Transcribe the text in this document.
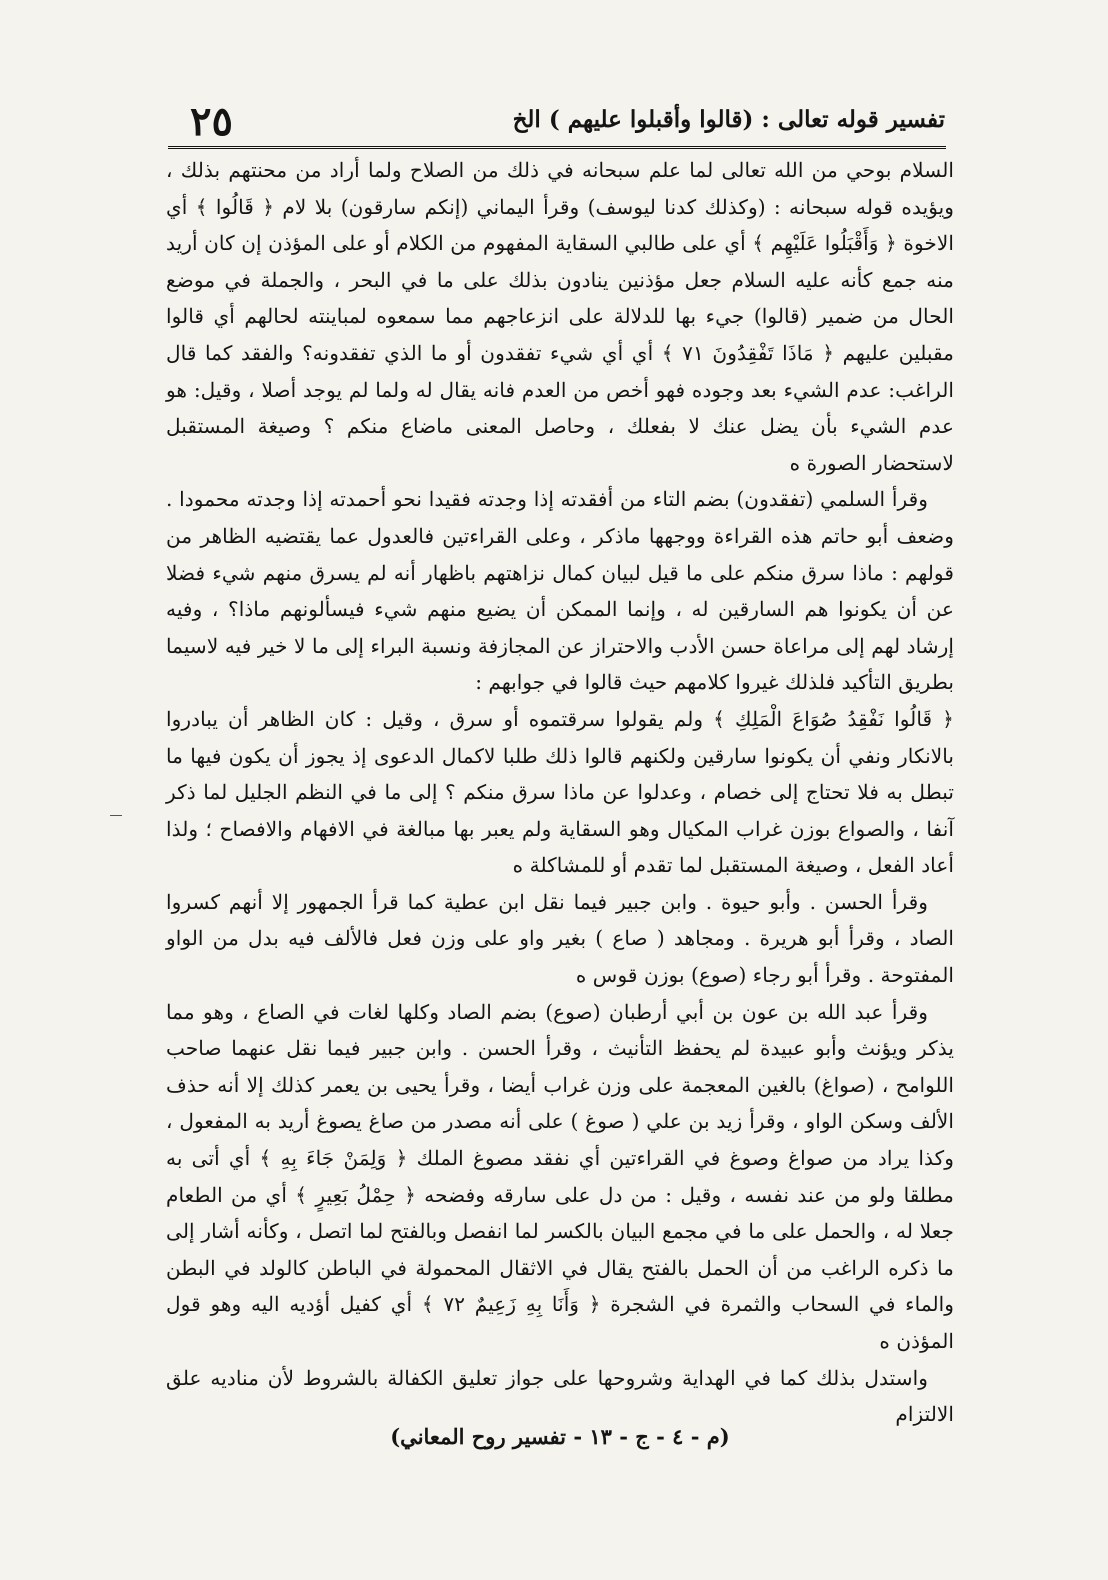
٢٥	تفسير قوله تعالى : (قالوا وأقبلوا عليهم ) الخ

السلام بوحي من الله تعالى لما علم سبحانه في ذلك من الصلاح ولما أراد من محنتهم بذلك ، ويؤيده قوله سبحانه : (وكذلك كدنا ليوسف) وقرأ اليماني (إنكم سارقون) بلا لام ﴿ قَالُوا ﴾ أي الاخوة ﴿ وَأَقْبَلُوا عَلَيْهِم ﴾ أي على طالبي السقاية المفهوم من الكلام أو على المؤذن إن كان أريد منه جمع كأنه عليه السلام جعل مؤذنين ينادون بذلك على ما في البحر ، والجملة في موضع الحال من ضمير (قالوا) جيء بها للدلالة على انزعاجهم مما سمعوه لمباينته لحالهم أي قالوا مقبلين عليهم ﴿ مَاذَا تَفْقِدُونَ ٧١ ﴾ أي أي شيء تفقدون أو ما الذي تفقدونه؟ والفقد كما قال الراغب: عدم الشيء بعد وجوده فهو أخص من العدم فانه يقال له ولما لم يوجد أصلا ، وقيل: هو عدم الشيء بأن يضل عنك لا بفعلك ، وحاصل المعنى ماضاع منكم ؟ وصيغة المستقبل لاستحضار الصورة ه

وقرأ السلمي (تفقدون) بضم التاء من أفقدته إذا وجدته فقيدا نحو أحمدته إذا وجدته محمودا . وضعف أبو حاتم هذه القراءة ووجهها ماذكر ، وعلى القراءتين فالعدول عما يقتضيه الظاهر من قولهم : ماذا سرق منكم على ما قيل لبيان كمال نزاهتهم باظهار أنه لم يسرق منهم شيء فضلا عن أن يكونوا هم السارقين له ، وإنما الممكن أن يضيع منهم شيء فيسألونهم ماذا؟ ، وفيه إرشاد لهم إلى مراعاة حسن الأدب والاحتراز عن المجازفة ونسبة البراء إلى ما لا خير فيه لاسيما بطريق التأكيد فلذلك غيروا كلامهم حيث قالوا في جوابهم :

﴿ قَالُوا نَفْقِدُ صُوَاعَ الْمَلِكِ ﴾ ولم يقولوا سرقتموه أو سرق ، وقيل : كان الظاهر أن يبادروا بالانكار ونفي أن يكونوا سارقين ولكنهم قالوا ذلك طلبا لاكمال الدعوى إذ يجوز أن يكون فيها ما تبطل به فلا تحتاج إلى خصام ، وعدلوا عن ماذا سرق منكم ؟ إلى ما في النظم الجليل لما ذكر آنفا ، والصواع بوزن غراب المكيال وهو السقاية ولم يعبر بها مبالغة في الافهام والافصاح ؛ ولذا أعاد الفعل ، وصيغة المستقبل لما تقدم أو للمشاكلة ه

وقرأ الحسن . وأبو حيوة . وابن جبير فيما نقل ابن عطية كما قرأ الجمهور إلا أنهم كسروا الصاد ، وقرأ أبو هريرة . ومجاهد ( صاع ) بغير واو على وزن فعل فالألف فيه بدل من الواو المفتوحة . وقرأ أبو رجاء (صوع) بوزن قوس ه

وقرأ عبد الله بن عون بن أبي أرطبان (صوع) بضم الصاد وكلها لغات في الصاع ، وهو مما يذكر ويؤنث وأبو عبيدة لم يحفظ التأنيث ، وقرأ الحسن . وابن جبير فيما نقل عنهما صاحب اللوامح ، (صواغ) بالغين المعجمة على وزن غراب أيضا ، وقرأ يحيى بن يعمر كذلك إلا أنه حذف الألف وسكن الواو ، وقرأ زيد بن علي ( صوغ ) على أنه مصدر من صاغ يصوغ أريد به المفعول ، وكذا يراد من صواغ وصوغ في القراءتين أي نفقد مصوغ الملك ﴿ وَلِمَنْ جَاءَ بِهِ ﴾ أي أتى به مطلقا ولو من عند نفسه ، وقيل : من دل على سارقه وفضحه ﴿ حِمْلُ بَعِيرٍ ﴾ أي من الطعام جعلا له ، والحمل على ما في مجمع البيان بالكسر لما انفصل وبالفتح لما اتصل ، وكأنه أشار إلى ما ذكره الراغب من أن الحمل بالفتح يقال في الاثقال المحمولة في الباطن كالولد في البطن والماء في السحاب والثمرة في الشجرة ﴿ وَأَنَا بِهِ زَعِيمٌ ٧٢ ﴾ أي كفيل أؤديه اليه وهو قول المؤذن ه

واستدل بذلك كما في الهداية وشروحها على جواز تعليق الكفالة بالشروط لأن مناديه علق الالتزام

(م - ٤ - ج - ١٣ - تفسير روح المعاني)
